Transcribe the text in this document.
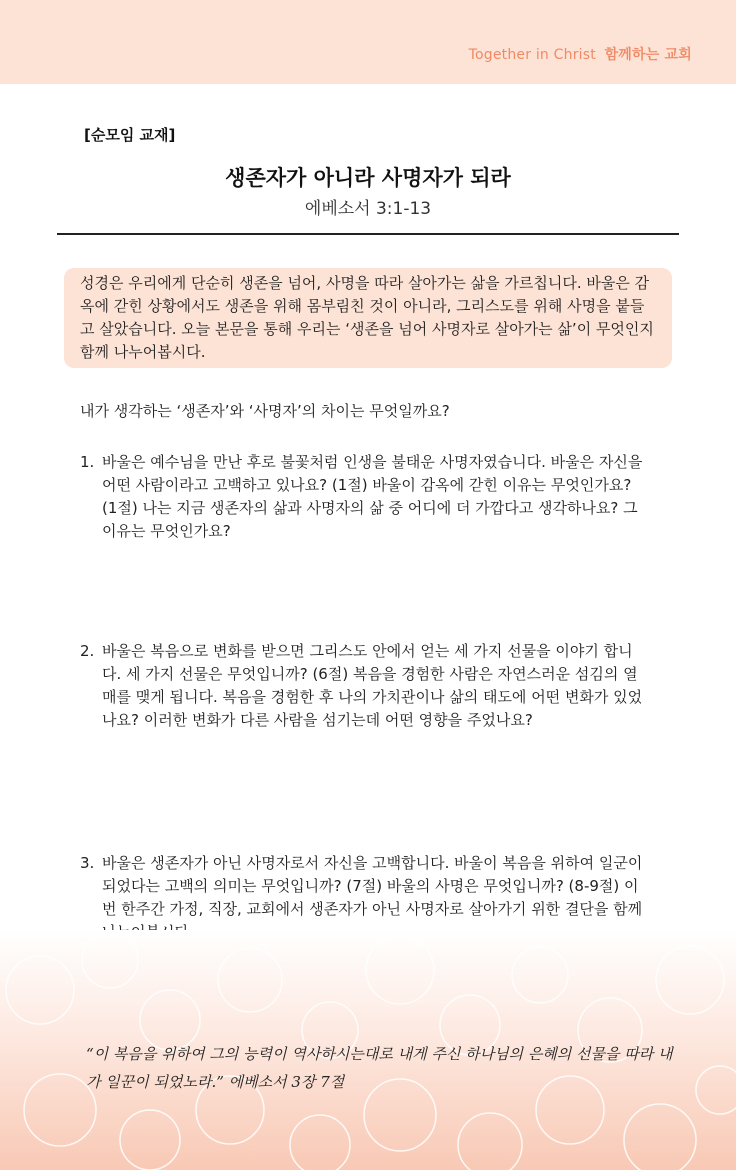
Together in Christ 함께하는 교회
[순모임 교재]
생존자가 아니라 사명자가 되라
에베소서 3:1-13
성경은 우리에게 단순히 생존을 넘어, 사명을 따라 살아가는 삶을 가르칩니다. 바울은 감옥에 갇힌 상황에서도 생존을 위해 몸부림친 것이 아니라, 그리스도를 위해 사명을 붙들고 살았습니다. 오늘 본문을 통해 우리는 ‘생존을 넘어 사명자로 살아가는 삶’이 무엇인지 함께 나누어봅시다.
내가 생각하는 ‘생존자’와 ‘사명자’의 차이는 무엇일까요?
1. 바울은 예수님을 만난 후로 불꽃처럼 인생을 불태운 사명자였습니다. 바울은 자신을 어떤 사람이라고 고백하고 있나요? (1절) 바울이 감옥에 갇힌 이유는 무엇인가요? (1절) 나는 지금 생존자의 삶과 사명자의 삶 중 어디에 더 가깝다고 생각하나요? 그 이유는 무엇인가요?
2. 바울은 복음으로 변화를 받으면 그리스도 안에서 얻는 세 가지 선물을 이야기 합니다. 세 가지 선물은 무엇입니까? (6절) 복음을 경험한 사람은 자연스러운 섬김의 열매를 맺게 됩니다. 복음을 경험한 후 나의 가치관이나 삶의 태도에 어떤 변화가 있었나요? 이러한 변화가 다른 사람을 섬기는데 어떤 영향을 주었나요?
3. 바울은 생존자가 아닌 사명자로서 자신을 고백합니다. 바울이 복음을 위하여 일군이 되었다는 고백의 의미는 무엇입니까? (7절) 바울의 사명은 무엇입니까? (8-9절) 이번 한주간 가정, 직장, 교회에서 생존자가 아닌 사명자로 살아가기 위한 결단을 함께
“이 복음을 위하여 그의 능력이 역사하시는대로 내게 주신 하나님의 은혜의 선물을 따라 내가 일꾼이 되었노라.” 에베소서 3장 7절
